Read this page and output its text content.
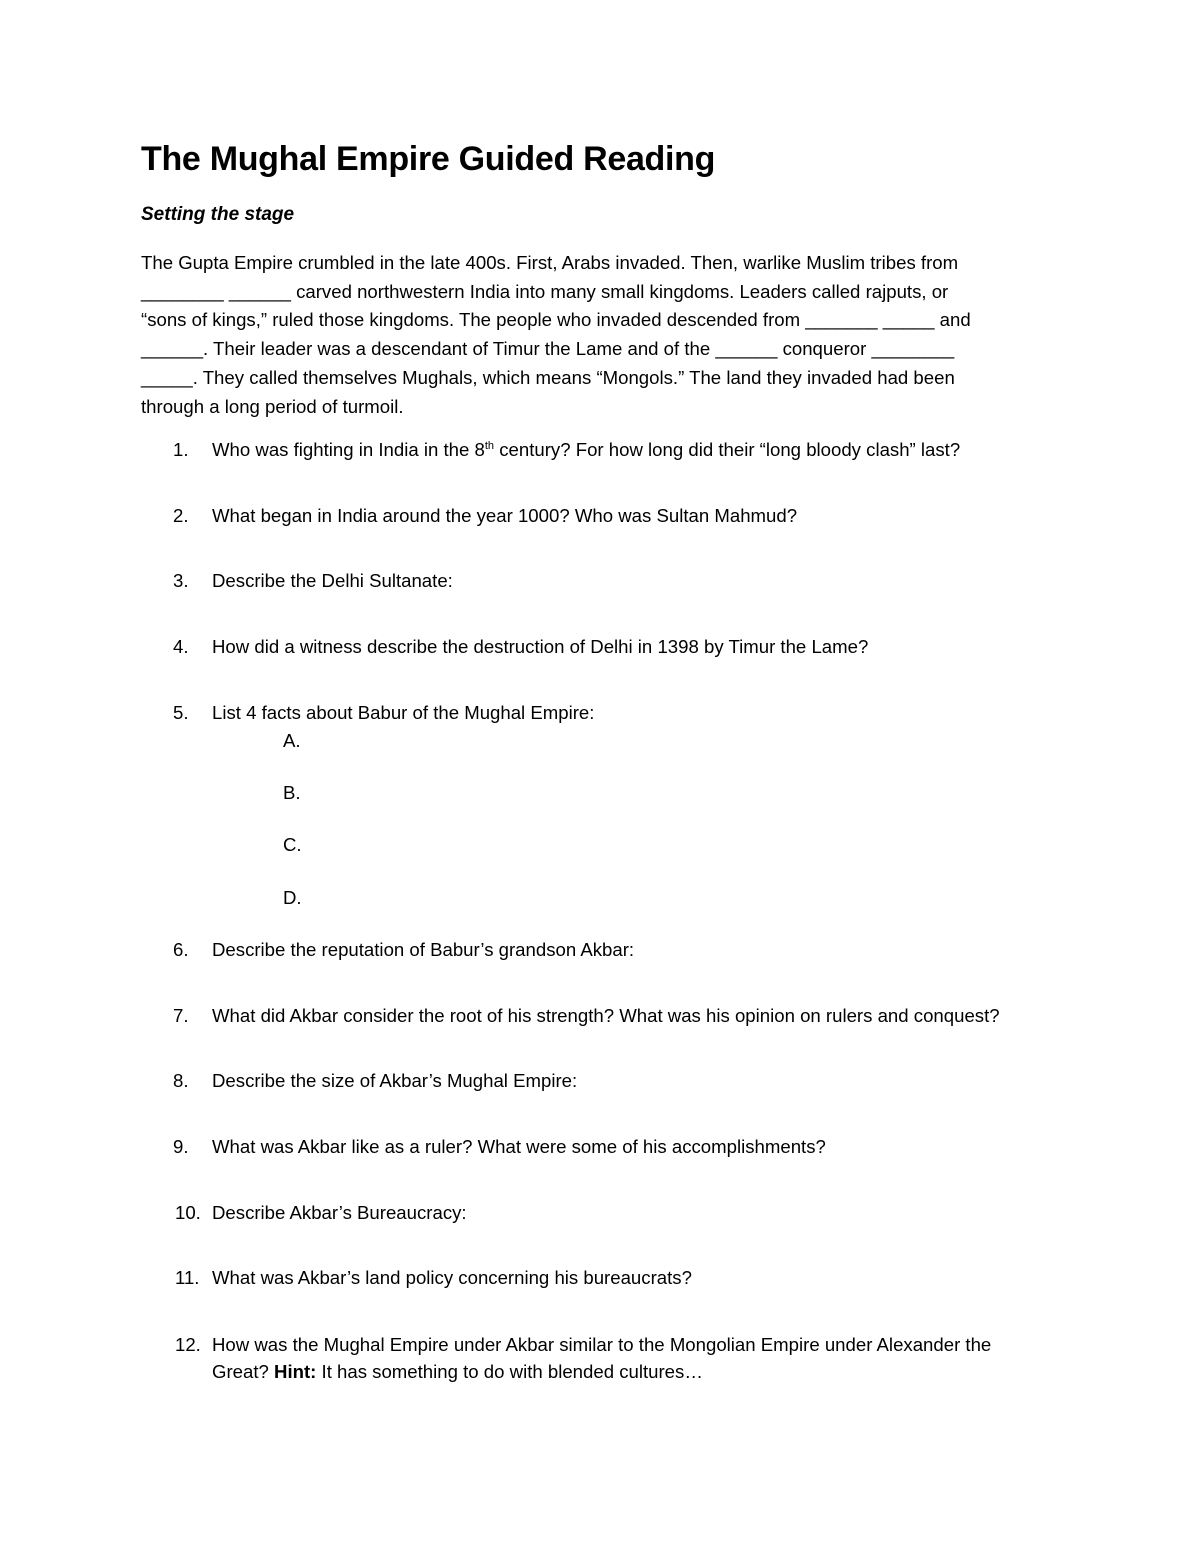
The Mughal Empire Guided Reading
Setting the stage
The Gupta Empire crumbled in the late 400s. First, Arabs invaded. Then, warlike Muslim tribes from
________ ______ carved northwestern India into many small kingdoms. Leaders called rajputs, or
“sons of kings,” ruled those kingdoms. The people who invaded descended from _______ _____ and
______. Their leader was a descendant of Timur the Lame and of the ______ conqueror ________
_____. They called themselves Mughals, which means “Mongols.” The land they invaded had been
through a long period of turmoil.
1.	Who was fighting in India in the 8th century? For how long did their “long bloody clash” last?
2.	What began in India around the year 1000? Who was Sultan Mahmud?
3.	Describe the Delhi Sultanate:
4.	How did a witness describe the destruction of Delhi in 1398 by Timur the Lame?
5.	List 4 facts about Babur of the Mughal Empire:
A.
B.
C.
D.
6.	Describe the reputation of Babur’s grandson Akbar:
7.	What did Akbar consider the root of his strength? What was his opinion on rulers and conquest?
8.	Describe the size of Akbar’s Mughal Empire:
9.	What was Akbar like as a ruler? What were some of his accomplishments?
10. Describe Akbar’s Bureaucracy:
11. What was Akbar’s land policy concerning his bureaucrats?
12. How was the Mughal Empire under Akbar similar to the Mongolian Empire under Alexander the
Great? Hint: It has something to do with blended cultures…
